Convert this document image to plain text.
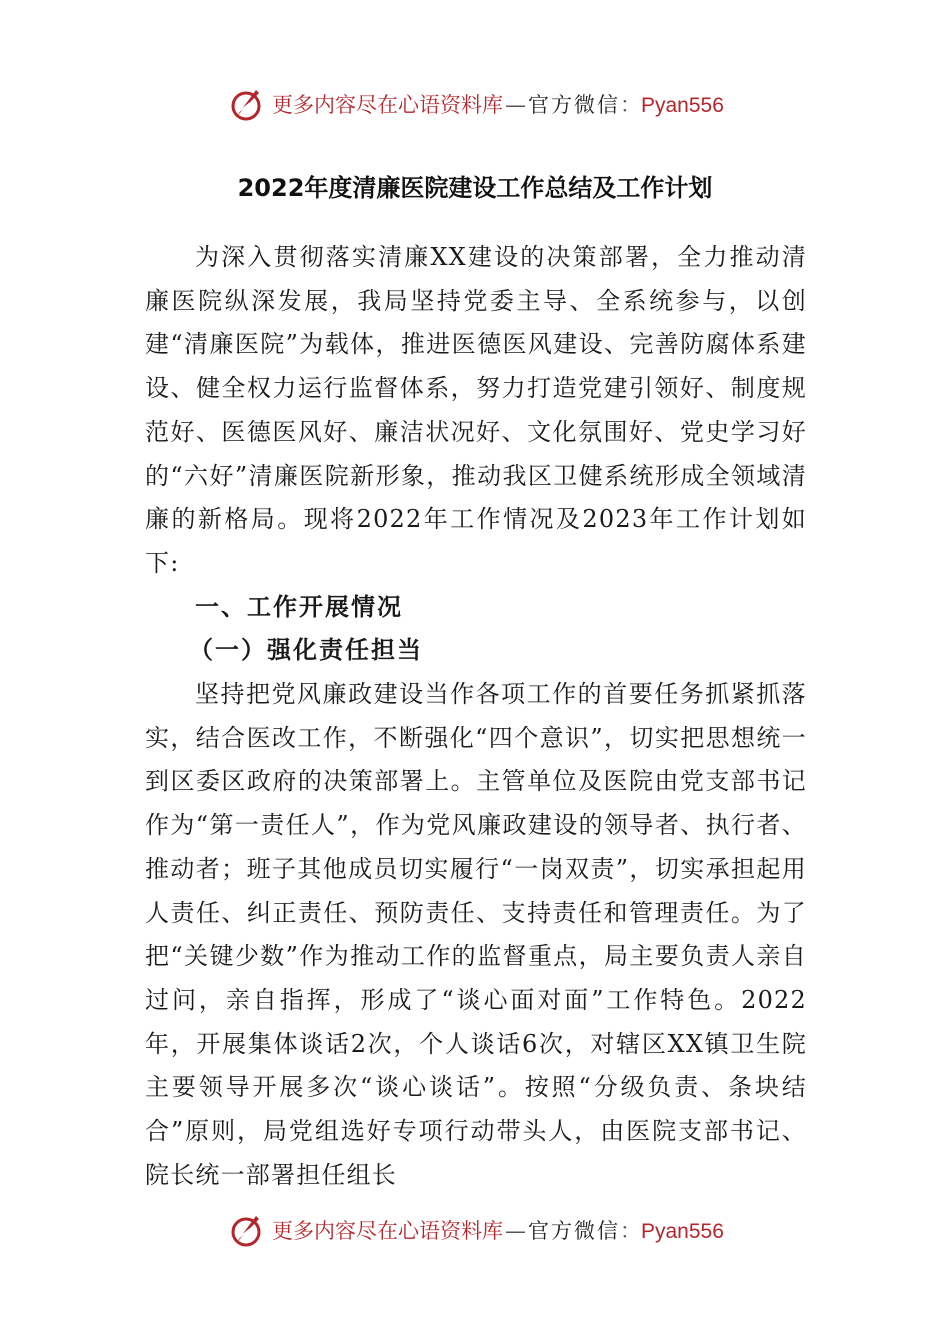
更多内容尽在心语资料库—官方微信：Pyan556
2022年度清廉医院建设工作总结及工作计划

为深入贯彻落实清廉XX建设的决策部署，全力推动清廉医院纵深发展，我局坚持党委主导、全系统参与，以创建“清廉医院”为载体，推进医德医风建设、完善防腐体系建设、健全权力运行监督体系，努力打造党建引领好、制度规范好、医德医风好、廉洁状况好、文化氛围好、党史学习好的“六好”清廉医院新形象，推动我区卫健系统形成全领域清廉的新格局。现将2022年工作情况及2023年工作计划如下:

一、工作开展情况

（一）强化责任担当

坚持把党风廉政建设当作各项工作的首要任务抓紧抓落实，结合医改工作，不断强化“四个意识”，切实把思想统一到区委区政府的决策部署上。主管单位及医院由党支部书记作为“第一责任人”，作为党风廉政建设的领导者、执行者、推动者；班子其他成员切实履行“一岗双责”，切实承担起用人责任、纠正责任、预防责任、支持责任和管理责任。为了把“关键少数”作为推动工作的监督重点，局主要负责人亲自过问，亲自指挥，形成了“谈心面对面”工作特色。2022年，开展集体谈话2次，个人谈话6次，对辖区XX镇卫生院主要领导开展多次“谈心谈话”。按照“分级负责、条块结合”原则，局党组选好专项行动带头人，由医院支部书记、院长统一部署担任组长

更多内容尽在心语资料库—官方微信：Pyan556
